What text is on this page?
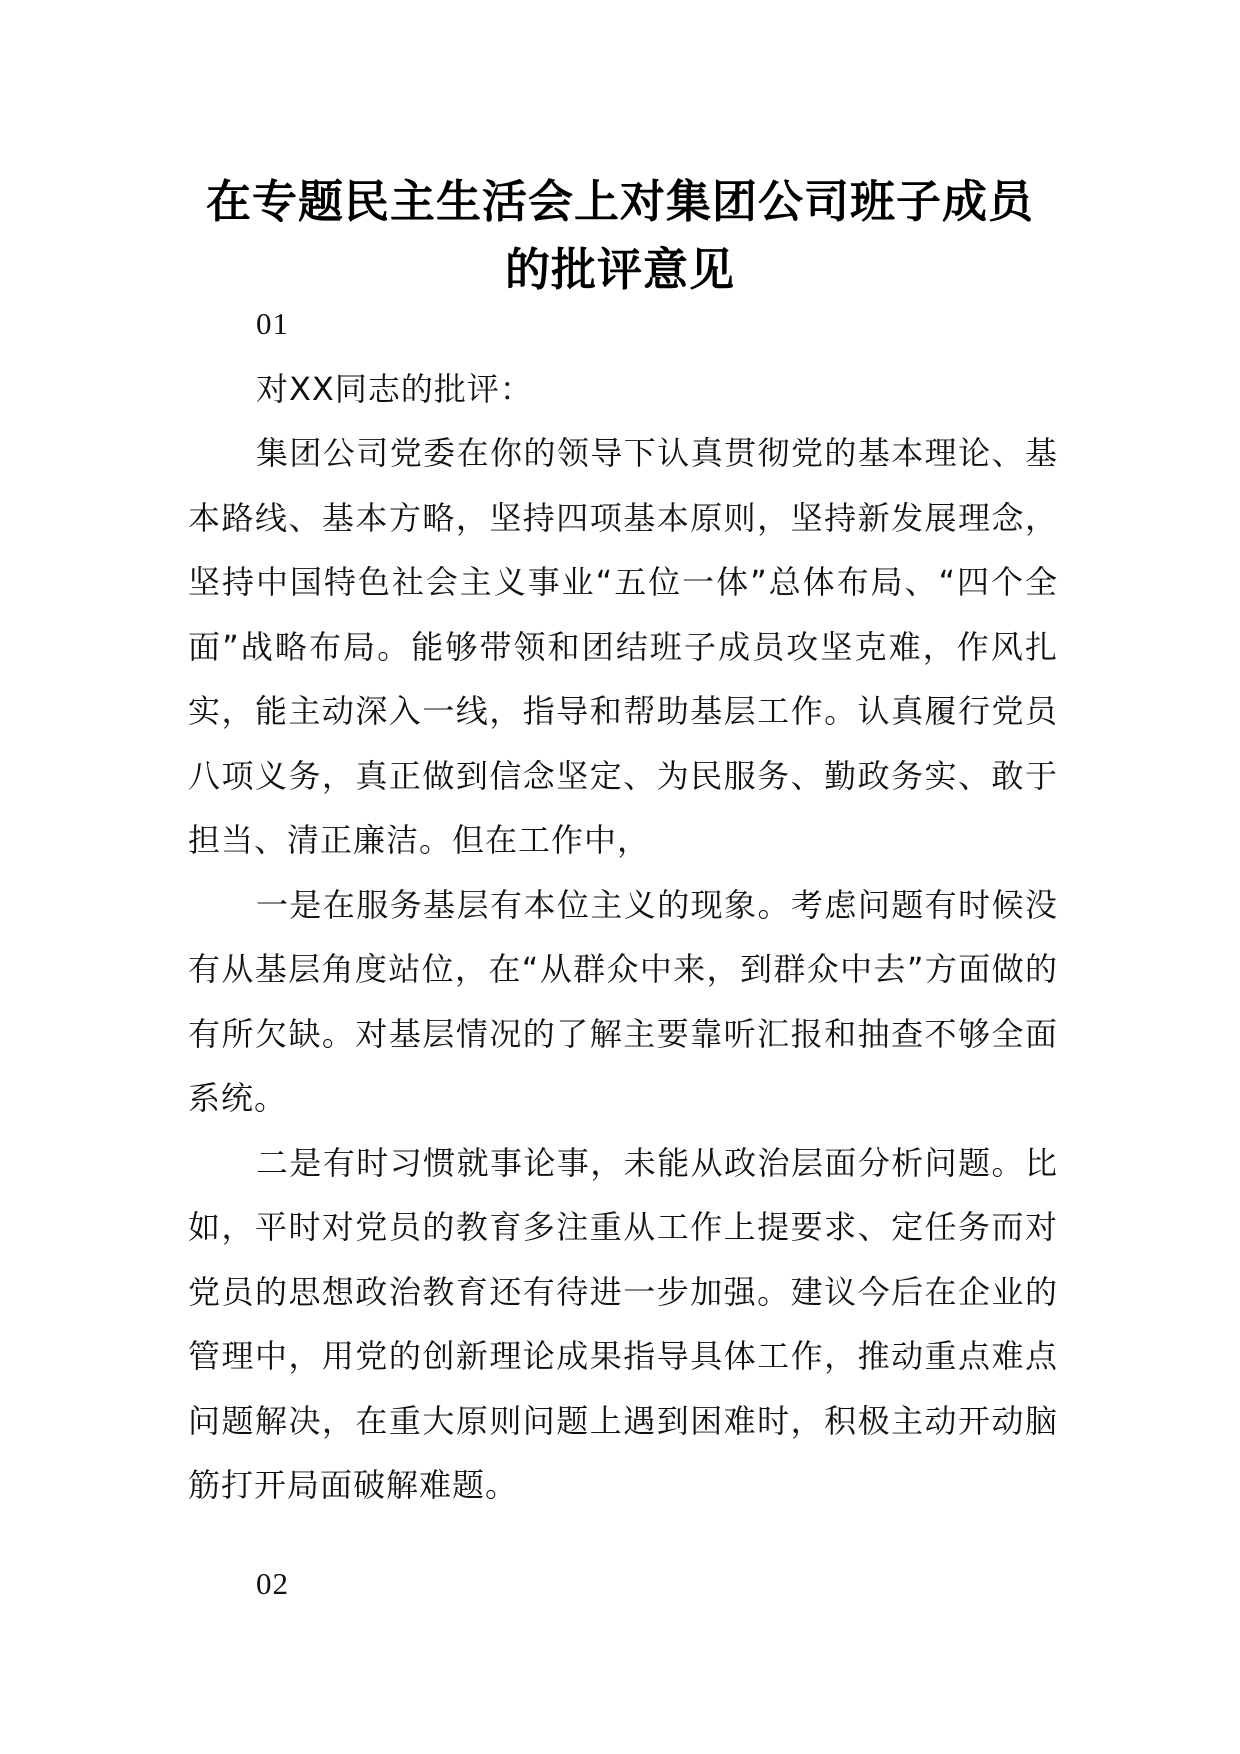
在专题民主生活会上对集团公司班子成员
的批评意见

01

对XX同志的批评：

集团公司党委在你的领导下认真贯彻党的基本理论、基本路线、基本方略，坚持四项基本原则，坚持新发展理念，坚持中国特色社会主义事业“五位一体”总体布局、“四个全面”战略布局。能够带领和团结班子成员攻坚克难，作风扎实，能主动深入一线，指导和帮助基层工作。认真履行党员八项义务，真正做到信念坚定、为民服务、勤政务实、敢于担当、清正廉洁。但在工作中，

一是在服务基层有本位主义的现象。考虑问题有时候没有从基层角度站位，在“从群众中来，到群众中去”方面做的有所欠缺。对基层情况的了解主要靠听汇报和抽查不够全面系统。

二是有时习惯就事论事，未能从政治层面分析问题。比如，平时对党员的教育多注重从工作上提要求、定任务而对党员的思想政治教育还有待进一步加强。建议今后在企业的管理中，用党的创新理论成果指导具体工作，推动重点难点问题解决，在重大原则问题上遇到困难时，积极主动开动脑筋打开局面破解难题。

02
